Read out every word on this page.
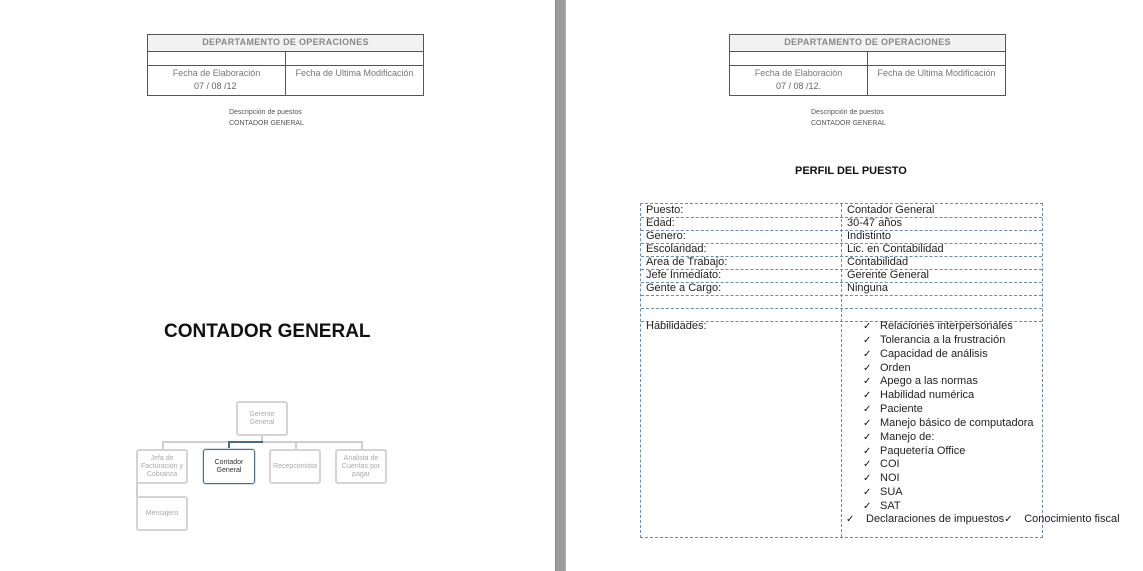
DEPARTAMENTO DE OPERACIONES
Fecha de Elaboración	Fecha de Ultima Modificación
07 / 08 /12
Descripción de puestos
CONTADOR GENERAL
CONTADOR GENERAL
Gerente General
Jefa de Facturación y Cobranza
Contador General
Recepcionista
Analista de Cuentas por pagar
Mensajero
DEPARTAMENTO DE OPERACIONES
Fecha de Elaboración	Fecha de Ultima Modificación
07 / 08 /12.
Descripción de puestos
CONTADOR GENERAL
PERFIL DEL PUESTO
Puesto:	Contador General
Edad:	30-47 años
Genero:	Indistinto
Escolaridad:	Lic. en Contabilidad
Area de Trabajo:	Contabilidad
Jefe Inmediato:	Gerente General
Gente a Cargo:	Ninguna
Habilidades:	✓ Relaciones interpersonales
✓ Tolerancia a la frustración
✓ Capacidad de análisis
✓ Orden
✓ Apego a las normas
✓ Habilidad numérica
✓ Paciente
✓ Manejo básico de computadora
✓ Manejo de:
✓ Paquetería Office
✓ COI
✓ NOI
✓ SUA
✓ SAT
✓ Declaraciones de impuestos✓ Conocimiento fiscal
